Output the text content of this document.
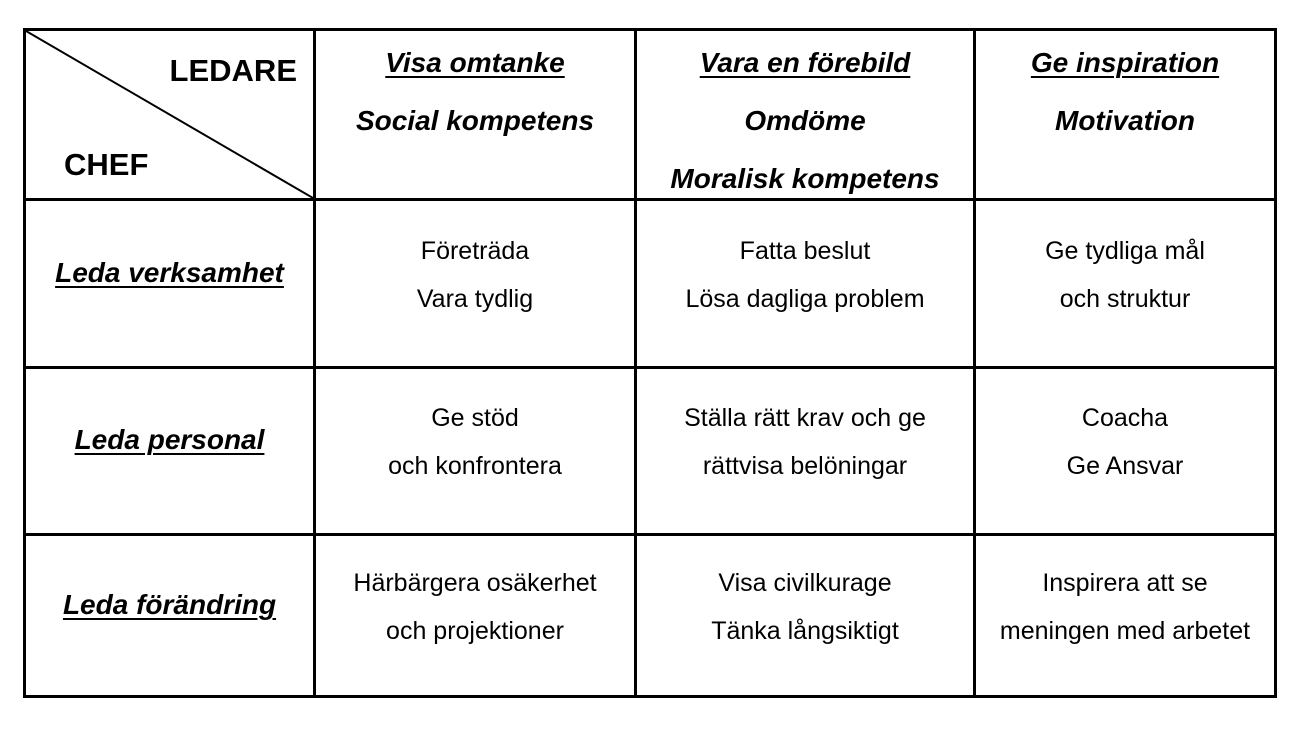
LEDARE
CHEF
Visa omtanke
Social kompetens
Vara en förebild
Omdöme
Moralisk kompetens
Ge inspiration
Motivation
Leda verksamhet
Företräda
Vara tydlig
Fatta beslut
Lösa dagliga problem
Ge tydliga mål
och struktur
Leda personal
Ge stöd
och konfrontera
Ställa rätt krav och ge
rättvisa belöningar
Coacha
Ge Ansvar
Leda förändring
Härbärgera osäkerhet
och projektioner
Visa civilkurage
Tänka långsiktigt
Inspirera att se
meningen med arbetet
